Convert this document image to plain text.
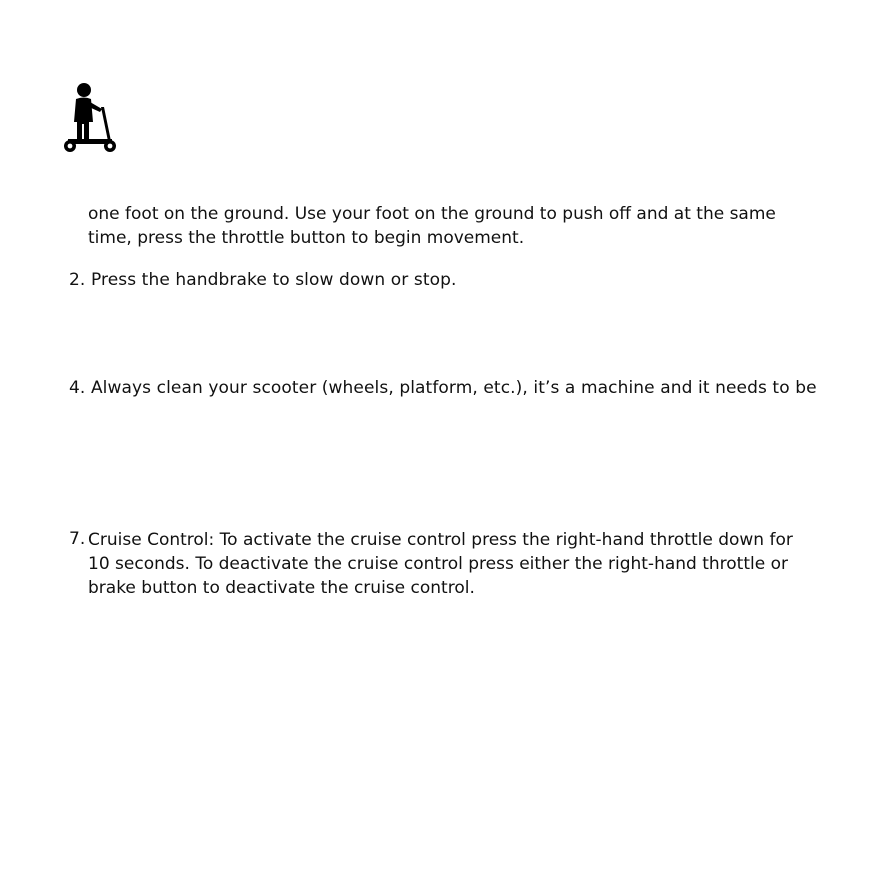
one foot on the ground. Use your foot on the ground to push off and at the same
time, press the throttle button to begin movement.
2. Press the handbrake to slow down or stop.
4. Always clean your scooter (wheels, platform, etc.), it’s a machine and it needs to be
7. Cruise Control: To activate the cruise control press the right-hand throttle down for
10 seconds. To deactivate the cruise control press either the right-hand throttle or
brake button to deactivate the cruise control.
